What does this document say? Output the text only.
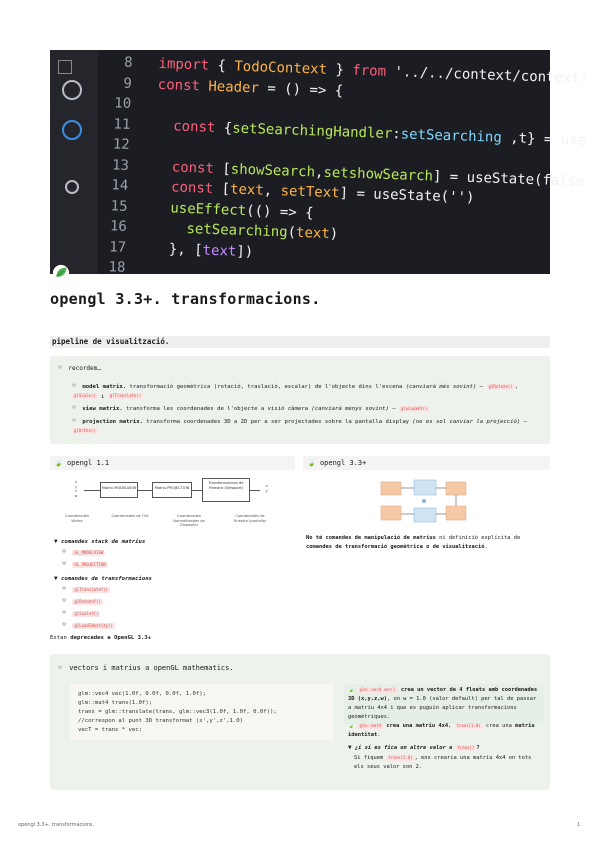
8 import { TodoContext } from '../../context/context'
9 const Header = () => {
10
11  const {setSearchingHandler:setSearching ,t} = use
12
13  const [showSearch,setshowSearch] = useState(false
14  const [text, setText] = useState('')
15  useEffect(() => {
16    setSearching(text)
17  }, [text])
18
opengl 3.3+. transformacions.
pipeline de visualització.
♥ recordem…
♥ model matrix. transformació geomètrica (rotació, traslació, escalar) de l'objecte dins l'escena (canviarà més sovint) – glRotate() , glScale() i glTranslate()
♥ view matrix. transforma les coordenades de l'objecte a visió càmera (canviarà menys sovint) – gluLookAt()
♥ projection matrix. transforma coordenades 3D a 2D per a ser projectades sobre la pantalla display (no es sol canviar la projecció) – glOrtho()
🍃 opengl 1.1
x
y
z
w
Matriu MODELVIEW	Matriu PROJECTION
Transformacions de Finestra (Viewport)	x'
y'
Coordenades Vèrtex
Coordenades de l'Ull	Coordenades Normalitzades de Dispositiu
Coordenades de Finestra (pantalla)
▼ comandes stack de matrius
♥ GL_MODELVIEW
♥ GL_PROJECTION
▼ comandes de transformacions
♥ glTranslatef()
♥ glRotatef()
♥ glScalef()
♥ glLoadIdentity()
Estan deprecades a OpenGL 3.3+
🍃 opengl 3.3+
No té comandes de manipulació de matrius ni definició explícita de comandes de transformació geomètrica o de visualització.
♥ vectors i matrius a openGL mathematics.
glm::vec4 vec(1.0f, 0.0f, 0.0f, 1.0f);
glm::mat4 trans(1.0f);
trans = glm::translate(trans, glm::vec3(1.0f, 1.0f, 0.0f));
//correspon al punt 3D transformat (x',y',z',1.0)
vecT = trans * vec;
🍃 glm::vec4 vec() crea un vector de 4 floats amb coordenades 3D (x,y,z,w), on w = 1.0 (valor default) per tal de passar a matriu 4x4 i que es puguin aplicar transformacions geomètriques.
🍃 glm::mat4 crea una matriu 4x4, trans(1.0) crea una matriu identitat.
▼ ¿i si es fica un altre valor a trans() ?
Si fiquem trans(2.0) , ens crearia una matriu 4x4 on tots els seus valor son 2.
opengl 3.3+. transformacions.	1
